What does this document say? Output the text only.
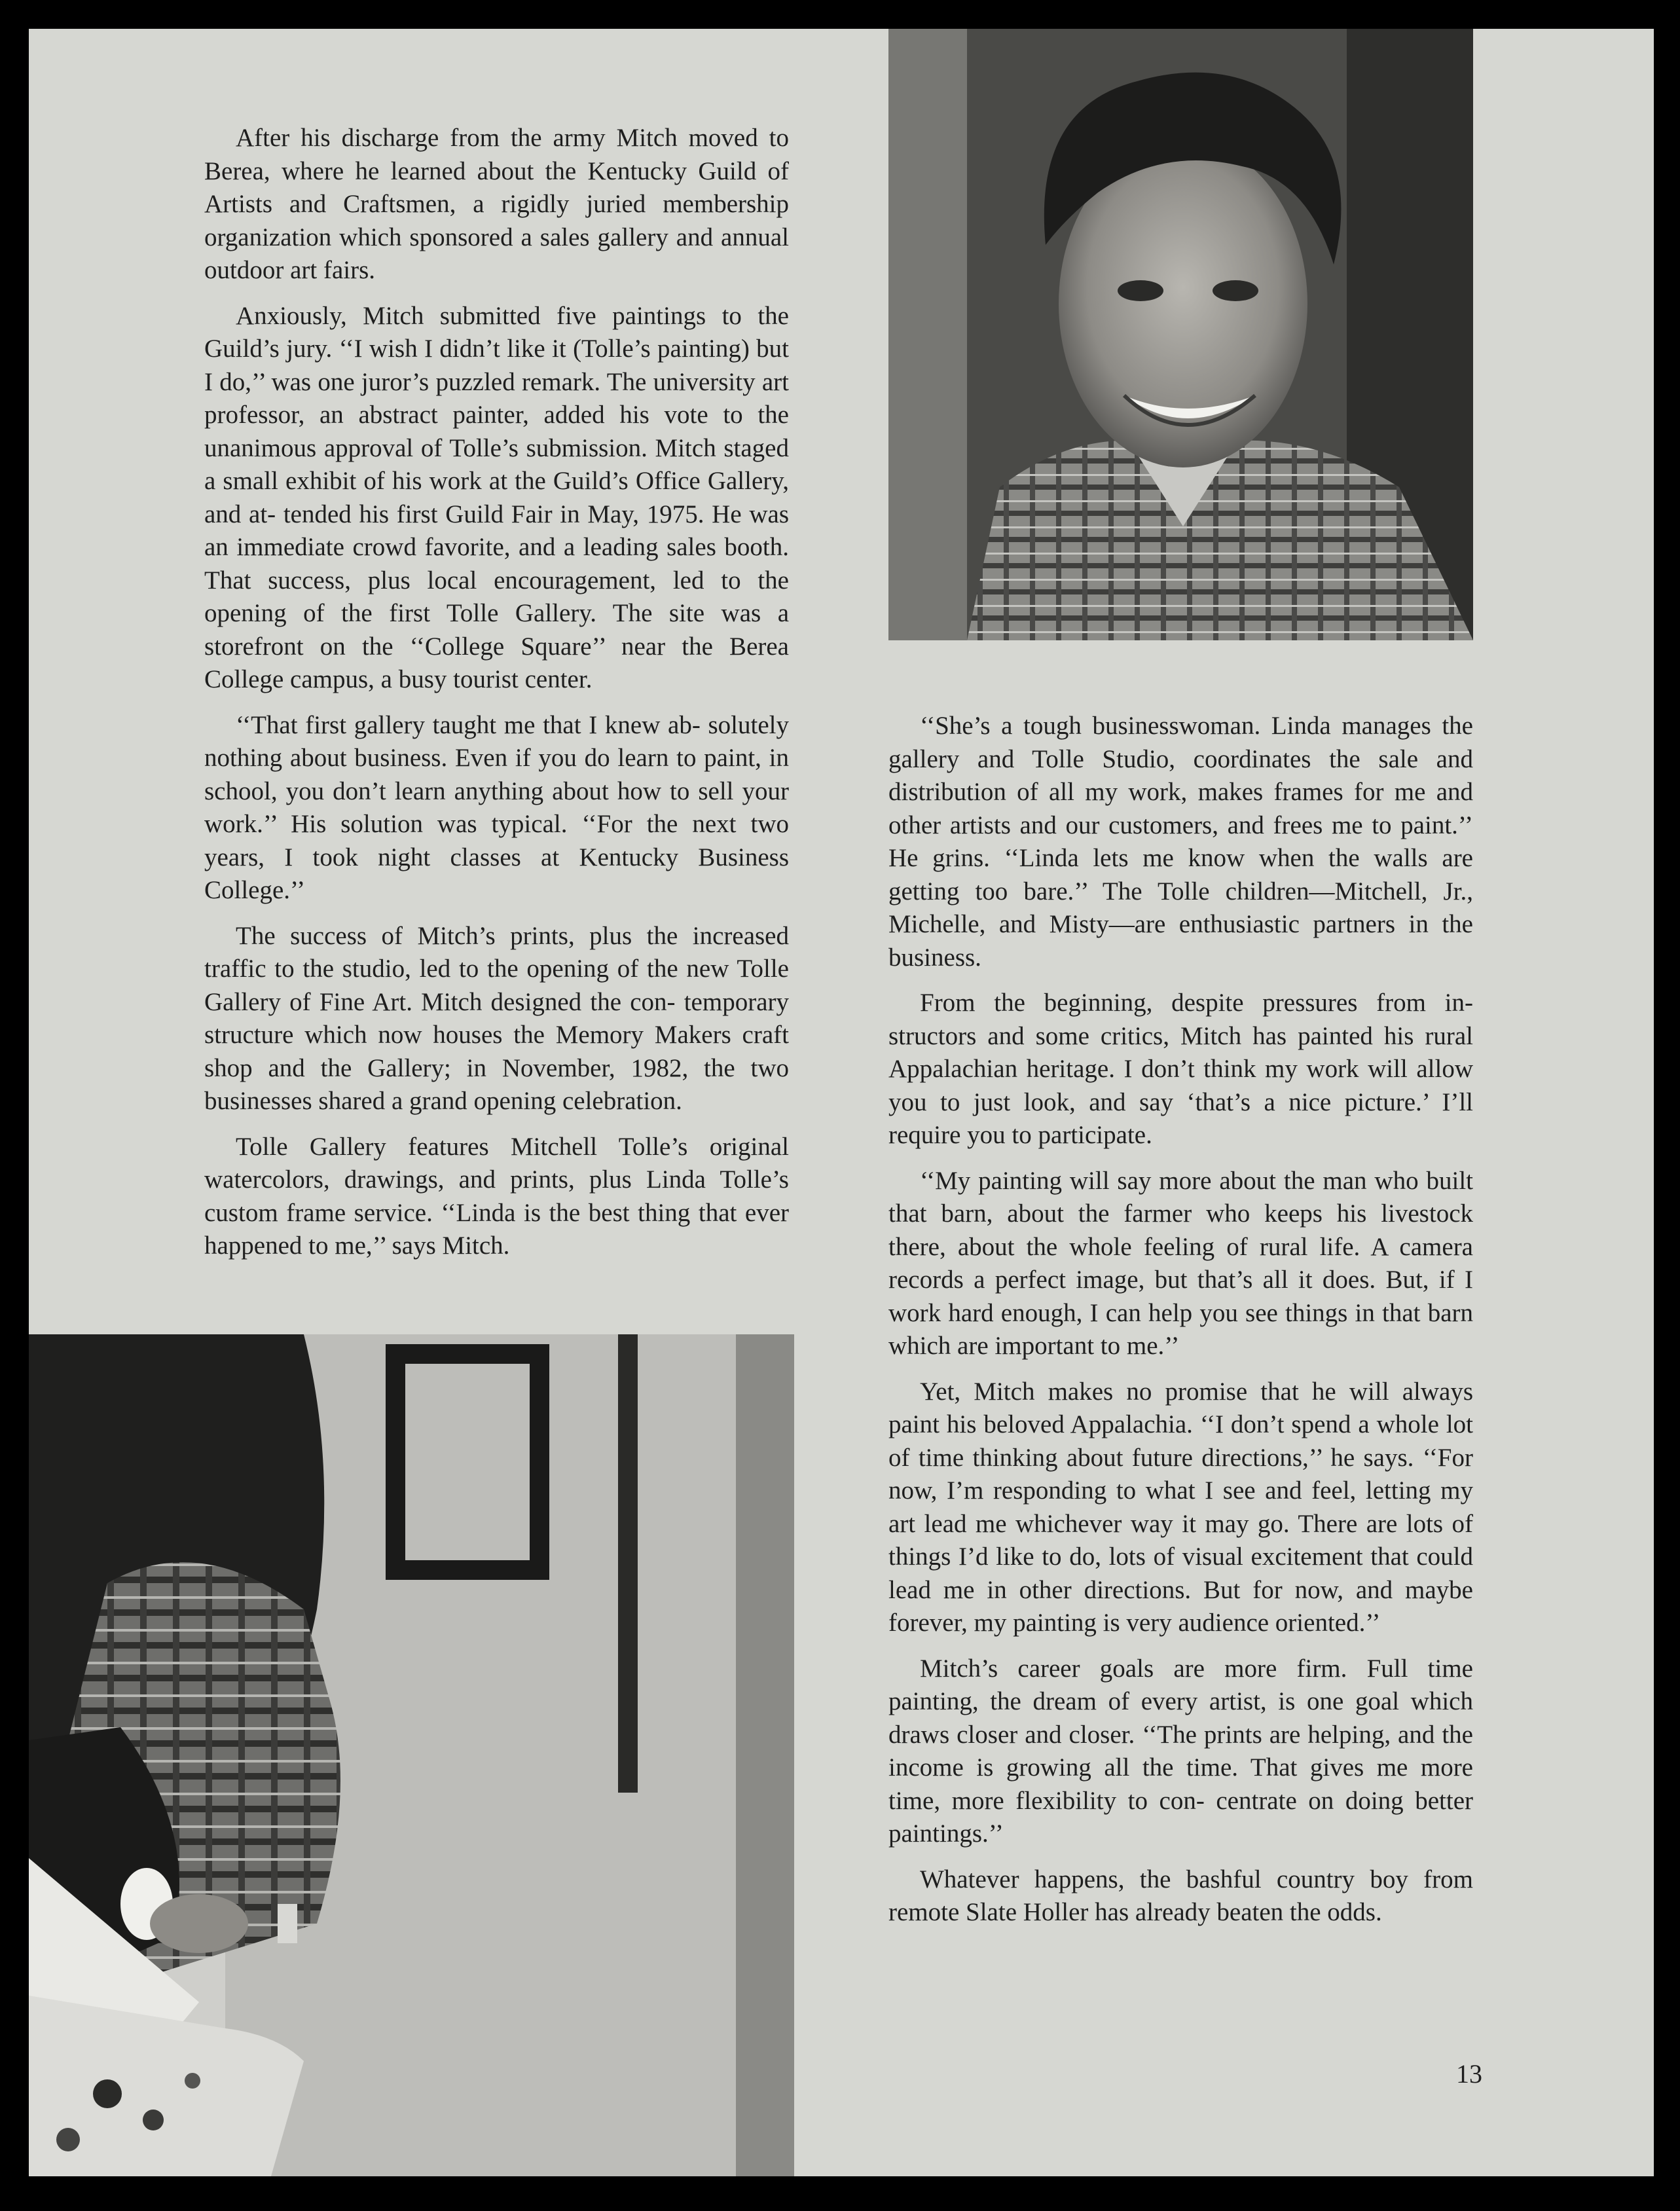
After his discharge from the army Mitch moved to Berea, where he learned about the Kentucky Guild of Artists and Craftsmen, a rigidly juried membership organization which sponsored a sales gallery and annual outdoor art fairs.

Anxiously, Mitch submitted five paintings to the Guild’s jury. ‘‘I wish I didn’t like it (Tolle’s painting) but I do,’’ was one juror’s puzzled remark. The university art professor, an abstract painter, added his vote to the unanimous approval of Tolle’s submission. Mitch staged a small exhibit of his work at the Guild’s Office Gallery, and at- tended his first Guild Fair in May, 1975. He was an immediate crowd favorite, and a leading sales booth. That success, plus local encouragement, led to the opening of the first Tolle Gallery. The site was a storefront on the ‘‘College Square’’ near the Berea College campus, a busy tourist center.

‘‘That first gallery taught me that I knew ab- solutely nothing about business. Even if you do learn to paint, in school, you don’t learn anything about how to sell your work.’’ His solution was typical. ‘‘For the next two years, I took night classes at Kentucky Business College.’’

The success of Mitch’s prints, plus the increased traffic to the studio, led to the opening of the new Tolle Gallery of Fine Art. Mitch designed the con- temporary structure which now houses the Memory Makers craft shop and the Gallery; in November, 1982, the two businesses shared a grand opening celebration.

Tolle Gallery features Mitchell Tolle’s original watercolors, drawings, and prints, plus Linda Tolle’s custom frame service. ‘‘Linda is the best thing that ever happened to me,’’ says Mitch.

‘‘She’s a tough businesswoman. Linda manages the gallery and Tolle Studio, coordinates the sale and distribution of all my work, makes frames for me and other artists and our customers, and frees me to paint.’’ He grins. ‘‘Linda lets me know when the walls are getting too bare.’’ The Tolle children—Mitchell, Jr., Michelle, and Misty—are enthusiastic partners in the business.

From the beginning, despite pressures from in- structors and some critics, Mitch has painted his rural Appalachian heritage. I don’t think my work will allow you to just look, and say ‘that’s a nice picture.’ I’ll require you to participate.

‘‘My painting will say more about the man who built that barn, about the farmer who keeps his livestock there, about the whole feeling of rural life. A camera records a perfect image, but that’s all it does. But, if I work hard enough, I can help you see things in that barn which are important to me.’’

Yet, Mitch makes no promise that he will always paint his beloved Appalachia. ‘‘I don’t spend a whole lot of time thinking about future directions,’’ he says. ‘‘For now, I’m responding to what I see and feel, letting my art lead me whichever way it may go. There are lots of things I’d like to do, lots of visual excitement that could lead me in other directions. But for now, and maybe forever, my painting is very audience oriented.’’

Mitch’s career goals are more firm. Full time painting, the dream of every artist, is one goal which draws closer and closer. ‘‘The prints are helping, and the income is growing all the time. That gives me more time, more flexibility to con- centrate on doing better paintings.’’

Whatever happens, the bashful country boy from remote Slate Holler has already beaten the odds.

13
